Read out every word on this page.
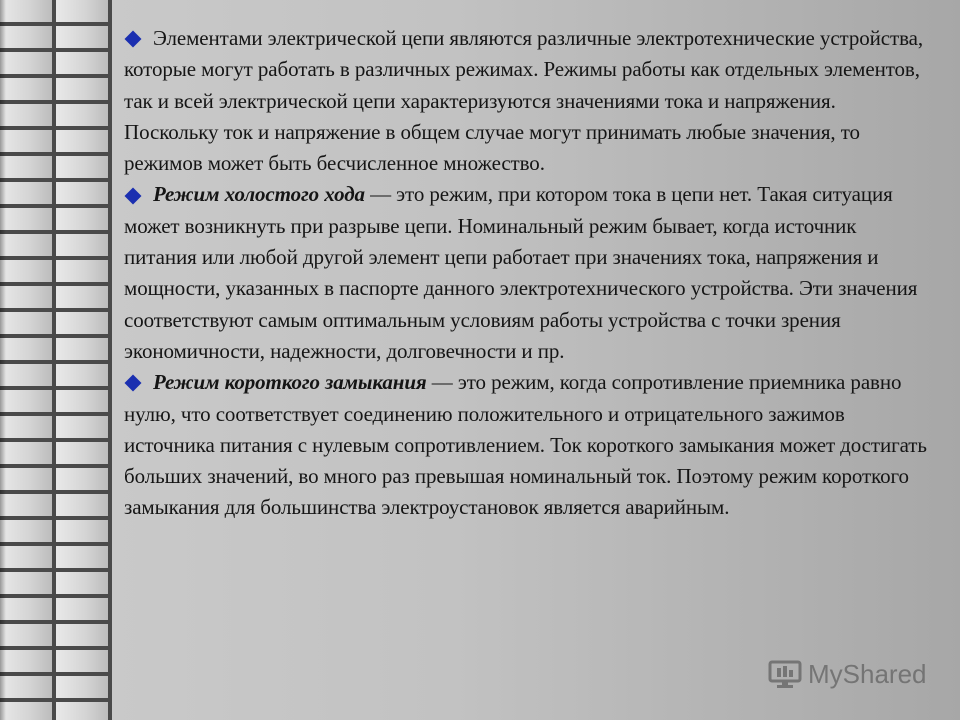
Элементами электрической цепи являются различные электротехнические устройства, которые могут работать в различных режимах. Режимы работы как отдельных элементов, так и всей электрической цепи характеризуются значениями тока и напряжения. Поскольку ток и напряжение в общем случае могут принимать любые значения, то режимов может быть бесчисленное множество.

Режим холостого хода — это режим, при котором тока в цепи нет. Такая ситуация может возникнуть при разрыве цепи. Номинальный режим бывает, когда источник питания или любой другой элемент цепи работает при значениях тока, напряжения и мощности, указанных в паспорте данного электротехнического устройства. Эти значения соответствуют самым оптимальным условиям работы устройства с точки зрения экономичности, надежности, долговечности и пр.

Режим короткого замыкания — это режим, когда сопротивление приемника равно нулю, что соответствует соединению положительного и отрицательного зажимов источника питания с нулевым сопротивлением. Ток короткого замыкания может достигать больших значений, во много раз превышая номинальный ток. Поэтому режим короткого замыкания для большинства электроустановок является аварийным.

MyShared
